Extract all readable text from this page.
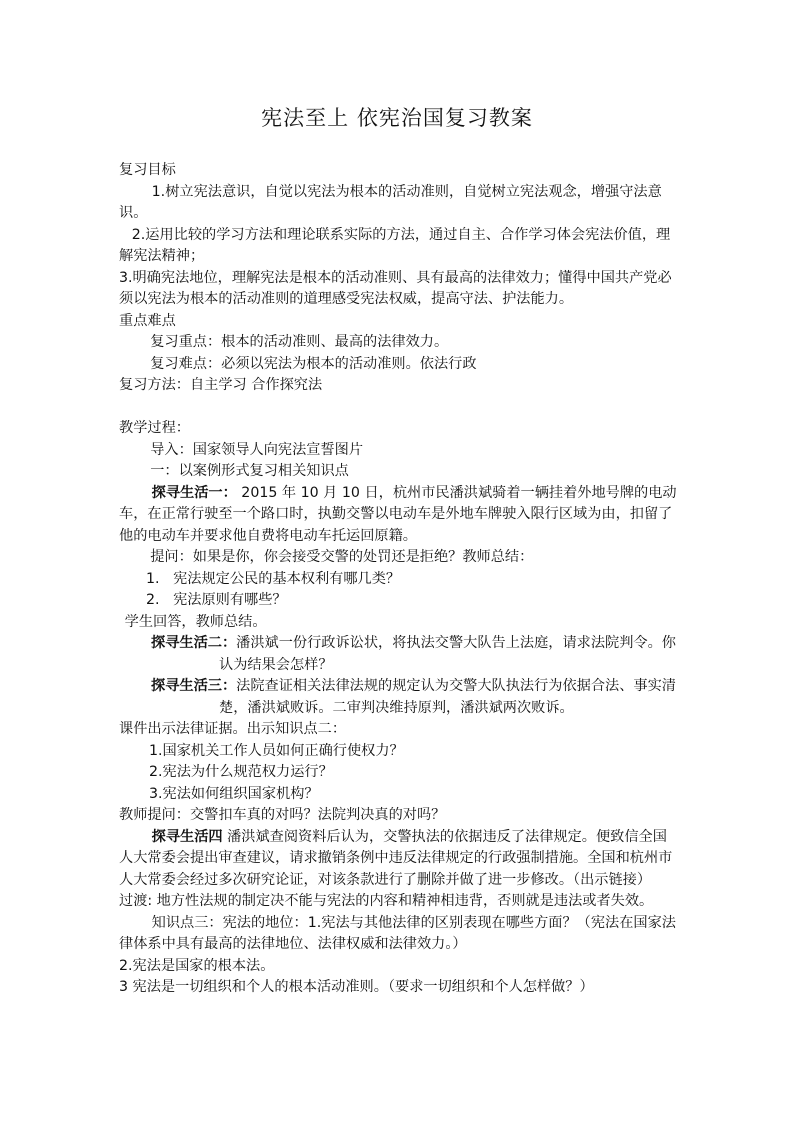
宪法至上 依宪治国复习教案

复习目标

1.树立宪法意识，自觉以宪法为根本的活动准则，自觉树立宪法观念，增强守法意识。

2.运用比较的学习方法和理论联系实际的方法，通过自主、合作学习体会宪法价值，理解宪法精神；

3.明确宪法地位，理解宪法是根本的活动准则、具有最高的法律效力；懂得中国共产党必须以宪法为根本的活动准则的道理感受宪法权威，提高守法、护法能力。

重点难点

复习重点：根本的活动准则、最高的法律效力。

复习难点：必须以宪法为根本的活动准则。依法行政

复习方法：自主学习 合作探究法

教学过程：

导入：国家领导人向宪法宣誓图片

一：以案例形式复习相关知识点

探寻生活一： 2015 年 10 月 10 日，杭州市民潘洪斌骑着一辆挂着外地号牌的电动车，在正常行驶至一个路口时，执勤交警以电动车是外地车牌驶入限行区域为由，扣留了他的电动车并要求他自费将电动车托运回原籍。

提问：如果是你，你会接受交警的处罚还是拒绝？教师总结：

1. 宪法规定公民的基本权利有哪几类？

2. 宪法原则有哪些？

学生回答，教师总结。

探寻生活二：潘洪斌一份行政诉讼状，将执法交警大队告上法庭，请求法院判令。你认为结果会怎样？

探寻生活三：法院查证相关法律法规的规定认为交警大队执法行为依据合法、事实清楚，潘洪斌败诉。二审判决维持原判，潘洪斌两次败诉。

课件出示法律证据。出示知识点二：

1.国家机关工作人员如何正确行使权力？

2.宪法为什么规范权力运行？

3.宪法如何组织国家机构？

教师提问：交警扣车真的对吗？法院判决真的对吗？

探寻生活四 潘洪斌查阅资料后认为，交警执法的依据违反了法律规定。便致信全国人大常委会提出审查建议，请求撤销条例中违反法律规定的行政强制措施。全国和杭州市人大常委会经过多次研究论证，对该条款进行了删除并做了进一步修改。（出示链接）

过渡: 地方性法规的制定决不能与宪法的内容和精神相违背，否则就是违法或者失效。

知识点三：宪法的地位：1.宪法与其他法律的区别表现在哪些方面？（宪法在国家法律体系中具有最高的法律地位、法律权威和法律效力。）

2.宪法是国家的根本法。

3 宪法是一切组织和个人的根本活动准则。（要求一切组织和个人怎样做？）
